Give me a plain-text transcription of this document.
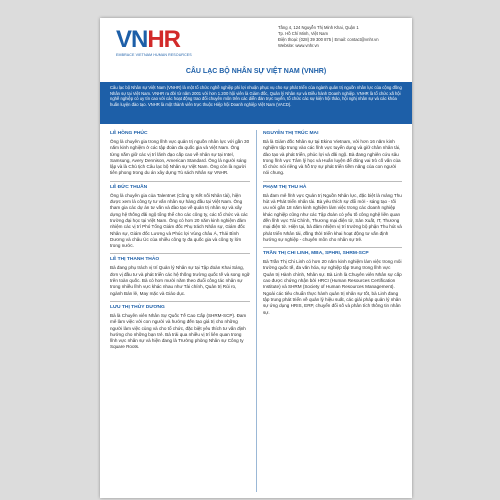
VNHR
EMBRACE VIETNAM HUMAN RESOURCES
Tầng 4, 124 Nguyễn Thị Minh Khai, Quận 1
Tp. Hồ Chí Minh, Việt Nam
Điện thoại: (028) 39 300 875 | Email: contact@vnhr.vn
Website: www.vnhr.vn
CÂU LẠC BỘ NHÂN SỰ VIỆT NAM (VNHR)
Câu lạc bộ Nhân sự Việt Nam (VNHR) là một tổ chức nghề nghiệp phi lợi nhuận phục vụ cho sự phát triển của ngành quản trị nguồn nhân lực của cộng đồng Nhân sự tại Việt Nam. VNHR ra đời từ năm 2001 với hơn 1.200 hội viên là Giám đốc, Quản lý Nhân sự và Điều hành Doanh nghiệp. VNHR là tổ chức xã hội nghề nghiệp có uy tín cao với các hoạt động trao đổi chuyên môn trên các diễn đàn trực tuyến, tổ chức các sự kiện hội thảo, hội nghị nhân sự và các khóa huấn luyện đào tạo. VNHR là một thành viên trực thuộc Hiệp hội Doanh nghiệp Việt Nam (VACD).
LÊ HỒNG PHÚC
Ông là chuyên gia trong lĩnh vực quản trị nguồn nhân lực với gần 30 năm kinh nghiệm ở các tập đoàn đa quốc gia và Việt Nam. Ông từng nắm giữ các vị trí lãnh đạo cấp cao về nhân sự tại Intel, Samsung, Avery Dennison, American Standard. Ông là người sáng lập và là Chủ tịch Câu lạc bộ Nhân sự Việt Nam. Ông còn là người tiên phong trong du án xây dựng Tủ sách Nhân sự VNHR.
LÊ ĐỨC THUẦN
Ông là chuyên gia của Talentnet (Công ty Kết nối Nhân tài), hiện được xem là công ty tư vấn nhân sự hàng đầu tại Việt Nam. Ông tham gia các dự án tư vấn và đào tạo về quản trị nhân sự và xây dựng hệ thống đãi ngộ tổng thể cho các công ty, các tổ chức và các trường đại học tại Việt Nam. Ông có hơn 20 năm kinh nghiệm đảm nhiệm các vị trí Phó Tổng Giám đốc Phụ trách Nhân sự, Giám đốc Nhân sự, Giám đốc Lương và Phúc lợi Vùng châu Á, Thái Bình Dương và châu Úc của nhiều công ty đa quốc gia và công ty lớn trong nước.
LÊ THỊ THANH THẢO
Bà đang phụ trách vị trí Quản lý Nhân sự tại Tập đoàn Khai Sáng, đơn vị đầu tư và phát triển các hệ thống trường quốc tế và song ngữ trên toàn quốc. Bà có hơn mười năm theo đuổi công tác nhân sự trong nhiều lĩnh vực khác nhau như Tài chính, Quản trị Rủi ro, ngành Bán lẻ, May mặc và Giáo dục.
LƯU THỊ THÙY DƯƠNG
Bà là Chuyên viên Nhân Sự Quốc Tế Cao Cấp (SHRM-SCP). Đam mê làm việc với con người và hướng đến tạo giá trị cho những người làm việc cùng và cho tổ chức, đặc biệt yêu thích tư vấn định hướng cho những bạn trẻ. Bà trải qua nhiều vị trí liên quan trong lĩnh vực nhân sự và hiện đang là Trưởng phòng Nhân sự Công ty Square Roots.
NGUYỄN THỊ TRÚC MAI
Bà là Giám đốc Nhân sự tại Ekino Vietnam, với hơn 16 năm kinh nghiệm tập trung vào các lĩnh vực tuyển dụng và giữ chân nhân tài, đào tạo và phát triển, phúc lợi và đãi ngộ. Bà đang nghiên cứu sâu trong lĩnh vực Tâm lý học và Huấn luyện để đóng vai trò cố vấn của tổ chức nói riêng và hỗ trợ sự phát triển tiềm năng của con người nói chung.
PHẠM THỊ THU HÀ
Bà đam mê lĩnh vực Quản trị Nguồn Nhân lực, đặc biệt là mảng Thu hút và Phát triển nhân tài. Bà yêu thích sự đổi mới - sáng tạo - tối ưu với gần 18 năm kinh nghiệm làm việc trong các doanh nghiệp khác nghiệp cũng như các Tập đoàn có yếu tố công nghệ liên quan đến lĩnh vực Tài Chính, Thương mại điện tử, Sản Xuất, IT, Thương mại điện tử. Hiện tại, bà đảm nhiệm vị trí trưởng bộ phận Thu hút và phát triển Nhân tài, đồng thời triển khai hoạt động tư vấn định hướng sự nghiệp - chuyên môn cho nhân sự trẻ.
TRẦN THỊ CHI LINH, MBA, SPHRI, SHRM-SCP
Bà Trần Thị Chi Linh có hơn 20 năm kinh nghiệm làm việc trong môi trường quốc tế, đa văn hóa, sự nghiệp tập trung trong lĩnh vực Quản trị Hành chính, Nhân sự. Bà Linh là Chuyên viên Nhân sự cấp cao được chứng nhận bởi HRCI (Human Resources Certification Institute) và SHRM (Society of Human Resources Management). Ngoài các tiêu chuẩn thực hành quản trị nhân sự tốt, bà Linh đang tập trung phát triển về quản lý hiệu suất, các giải pháp quản lý nhân sự ứng dụng HRIS, ERP, chuyển đổi số và phân tích thông tin nhân sự.
